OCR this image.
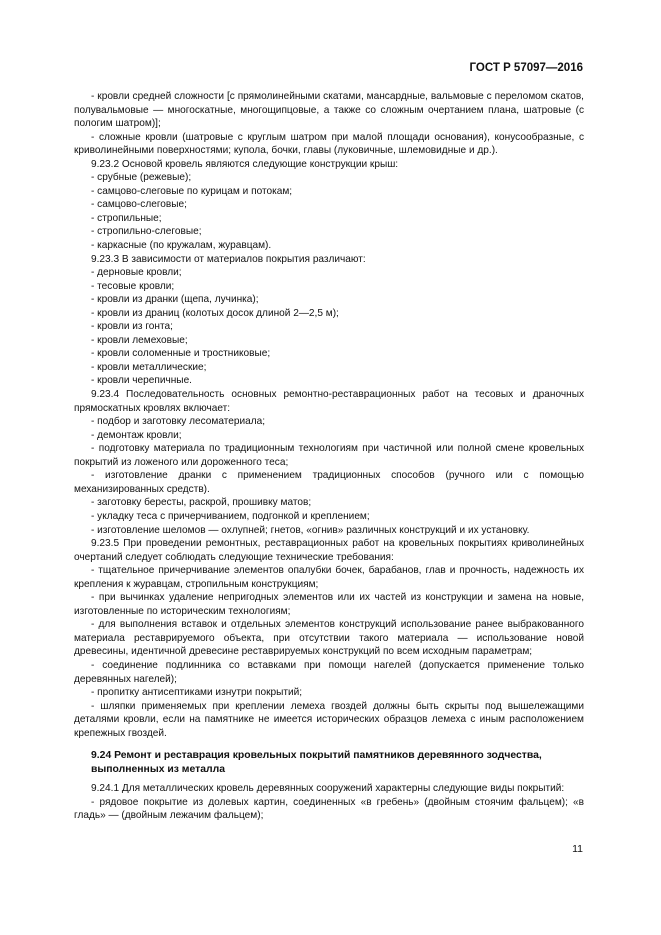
ГОСТ Р 57097—2016

- кровли средней сложности [с прямолинейными скатами, мансардные, вальмовые с переломом скатов, полувальмовые — многоскатные, многощипцовые, а также со сложным очертанием плана, шатровые (с пологим шатром)];

- сложные кровли (шатровые с круглым шатром при малой площади основания), конусообразные, с криволинейными поверхностями; купола, бочки, главы (луковичные, шлемовидные и др.).

9.23.2 Основой кровель являются следующие конструкции крыш:

- срубные (режевые);

- самцово-слеговые по курицам и потокам;

- самцово-слеговые;

- стропильные;

- стропильно-слеговые;

- каркасные (по кружалам, журавцам).

9.23.3 В зависимости от материалов покрытия различают:

- дерновые кровли;

- тесовые кровли;

- кровли из дранки (щепа, лучинка);

- кровли из драниц (колотых досок длиной 2—2,5 м);

- кровли из гонта;

- кровли лемеховые;

- кровли соломенные и тростниковые;

- кровли металлические;

- кровли черепичные.

9.23.4 Последовательность основных ремонтно-реставрационных работ на тесовых и драночных прямоскатных кровлях включает:

- подбор и заготовку лесоматериала;

- демонтаж кровли;

- подготовку материала по традиционным технологиям при частичной или полной смене кровельных покрытий из ложеного или дороженного теса;

- изготовление дранки с применением традиционных способов (ручного или с помощью механизированных средств).

- заготовку бересты, раскрой, прошивку матов;

- укладку теса с причерчиванием, подгонкой и креплением;

- изготовление шеломов — охлупней; гнетов, «огнив» различных конструкций и их установку.

9.23.5 При проведении ремонтных, реставрационных работ на кровельных покрытиях криволинейных очертаний следует соблюдать следующие технические требования:

- тщательное причерчивание элементов опалубки бочек, барабанов, глав и прочность, надежность их крепления к журавцам, стропильным конструкциям;

- при вычинках удаление непригодных элементов или их частей из конструкции и замена на новые, изготовленные по историческим технологиям;

- для выполнения вставок и отдельных элементов конструкций использование ранее выбракованного материала реставрируемого объекта, при отсутствии такого материала — использование новой древесины, идентичной древесине реставрируемых конструкций по всем исходным параметрам;

- соединение подлинника со вставками при помощи нагелей (допускается применение только деревянных нагелей);

- пропитку антисептиками изнутри покрытий;

- шляпки применяемых при креплении лемеха гвоздей должны быть скрыты под вышележащими деталями кровли, если на памятнике не имеется исторических образцов лемеха с иным расположением крепежных гвоздей.

9.24 Ремонт и реставрация кровельных покрытий памятников деревянного зодчества,
выполненных из металла

9.24.1 Для металлических кровель деревянных сооружений характерны следующие виды покрытий:

- рядовое покрытие из долевых картин, соединенных «в гребень» (двойным стоячим фальцем); «в гладь» — (двойным лежачим фальцем);

11
